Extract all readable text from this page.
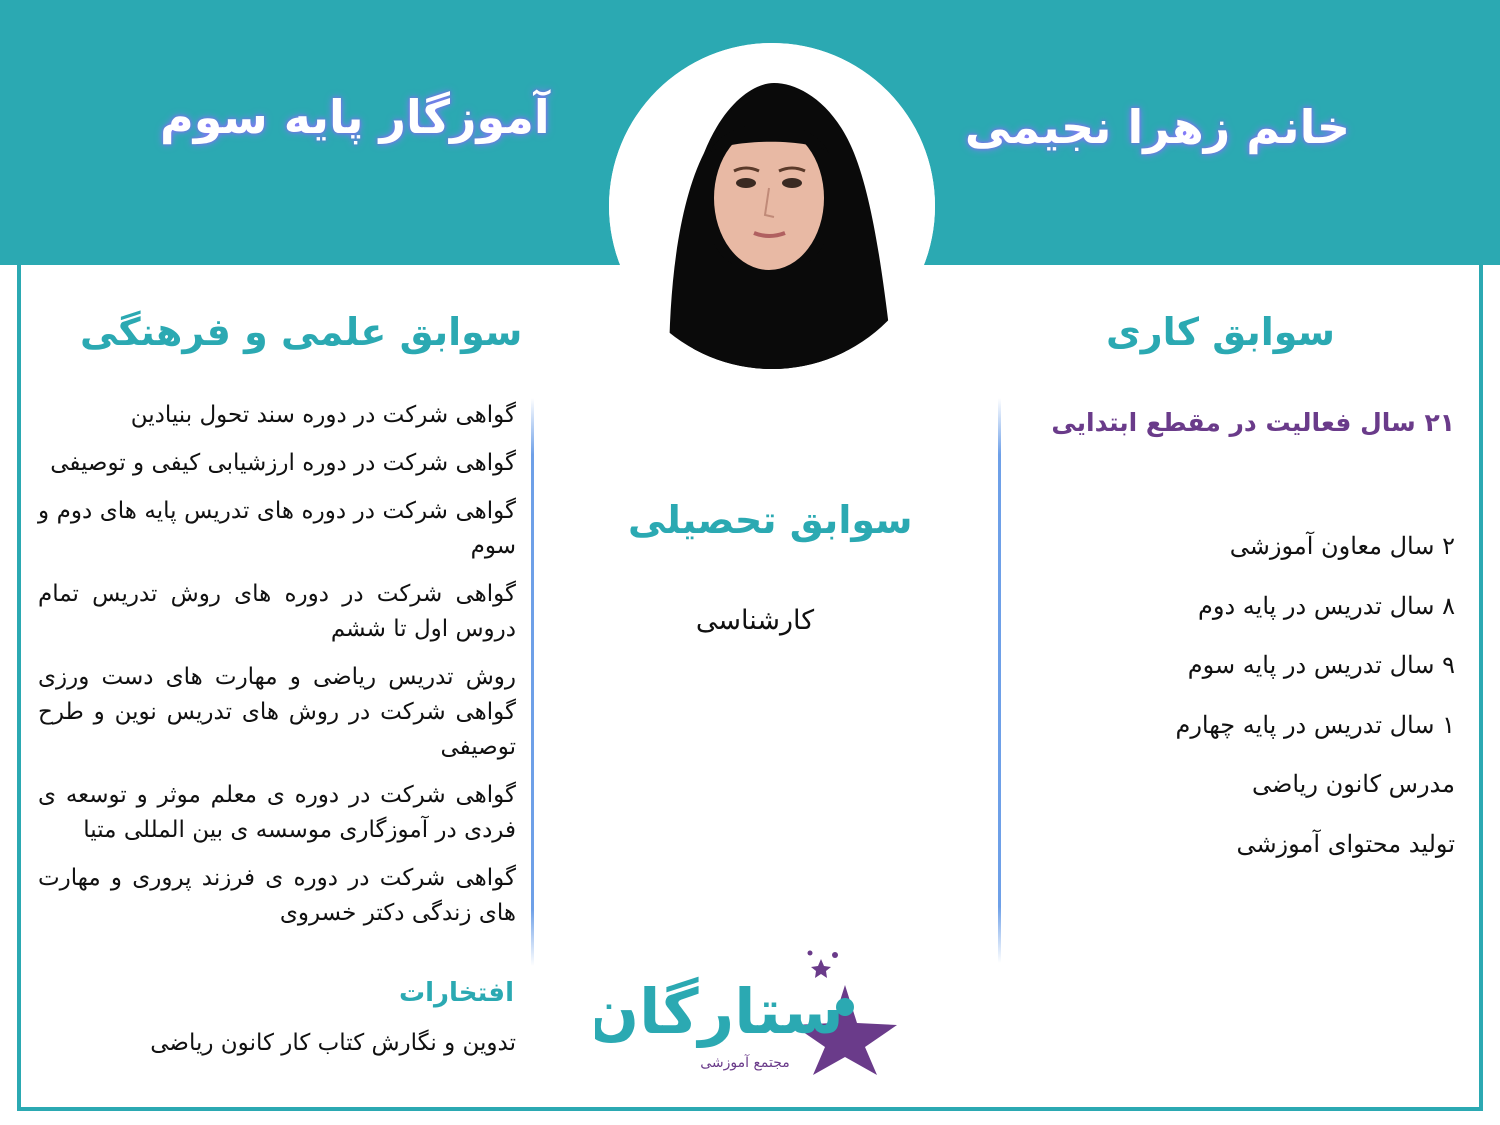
خانم زهرا نجیمی
آموزگار پایه سوم
سوابق کاری
سوابق تحصیلی
سوابق علمی و فرهنگی
۲۱ سال فعالیت در مقطع ابتدایی
۲ سال معاون آموزشی
۸ سال تدریس در پایه دوم
۹ سال تدریس در پایه سوم
۱ سال تدریس در پایه چهارم
مدرس کانون ریاضی
تولید محتوای آموزشی
کارشناسی
گواهی شرکت در دوره سند تحول بنیادین
گواهی شرکت در دوره ارزشیابی کیفی و توصیفی
گواهی شرکت در دوره های تدریس پایه های دوم و سوم
گواهی شرکت در دوره های روش تدریس تمام دروس اول تا ششم
روش تدریس ریاضی و مهارت های دست ورزی گواهی شرکت در روش های تدریس نوین و طرح توصیفی
گواهی شرکت در دوره ی معلم موثر و توسعه ی فردی در آموزگاری موسسه ی بین المللی متیا
گواهی شرکت در دوره ی فرزند پروری و مهارت های زندگی دکتر خسروی
افتخارات
تدوین و نگارش کتاب کار کانون ریاضی ستارگان
مجتمع آموزشی
